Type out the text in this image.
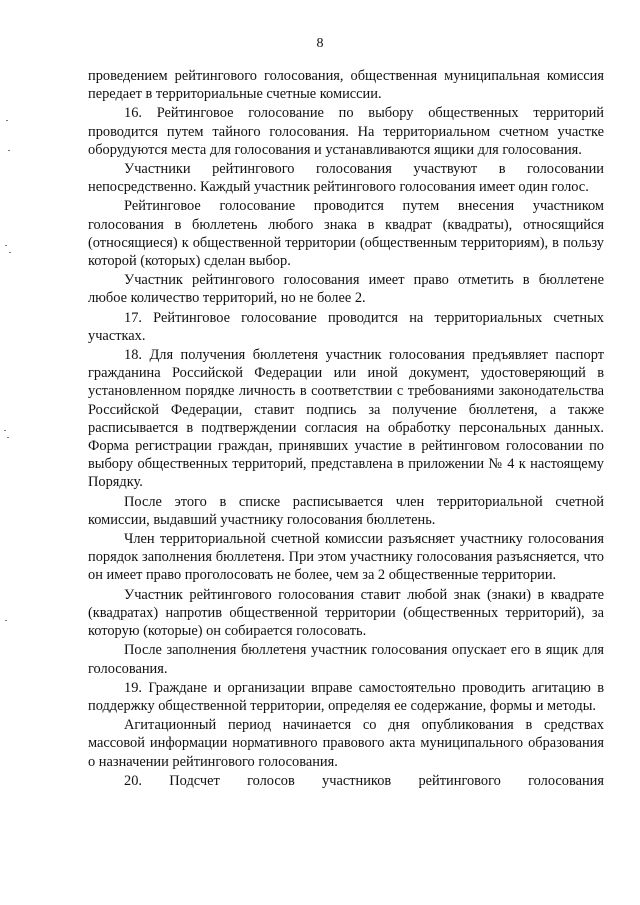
8

проведением рейтингового голосования, общественная муниципальная комиссия передает в территориальные счетные комиссии.

16. Рейтинговое голосование по выбору общественных территорий проводится путем тайного голосования. На территориальном счетном участке оборудуются места для голосования и устанавливаются ящики для голосования.

Участники рейтингового голосования участвуют в голосовании непосредственно. Каждый участник рейтингового голосования имеет один голос.

Рейтинговое голосование проводится путем внесения участником голосования в бюллетень любого знака в квадрат (квадраты), относящийся (относящиеся) к общественной территории (общественным территориям), в пользу которой (которых) сделан выбор.

Участник рейтингового голосования имеет право отметить в бюллетене любое количество территорий, но не более 2.

17. Рейтинговое голосование проводится на территориальных счетных участках.

18. Для получения бюллетеня участник голосования предъявляет паспорт гражданина Российской Федерации или иной документ, удостоверяющий в установленном порядке личность в соответствии с требованиями законодательства Российской Федерации, ставит подпись за получение бюллетеня, а также расписывается в подтверждении согласия на обработку персональных данных. Форма регистрации граждан, принявших участие в рейтинговом голосовании по выбору общественных территорий, представлена в приложении № 4 к настоящему Порядку.

После этого в списке расписывается член территориальной счетной комиссии, выдавший участнику голосования бюллетень.

Член территориальной счетной комиссии разъясняет участнику голосования порядок заполнения бюллетеня. При этом участнику голосования разъясняется, что он имеет право проголосовать не более, чем за 2 общественные территории.

Участник рейтингового голосования ставит любой знак (знаки) в квадрате (квадратах) напротив общественной территории (общественных территорий), за которую (которые) он собирается голосовать.

После заполнения бюллетеня участник голосования опускает его в ящик для голосования.

19. Граждане и организации вправе самостоятельно проводить агитацию в поддержку общественной территории, определяя ее содержание, формы и методы.

Агитационный период начинается со дня опубликования в средствах массовой информации нормативного правового акта муниципального образования о назначении рейтингового голосования.

20. Подсчет голосов участников рейтингового голосования
